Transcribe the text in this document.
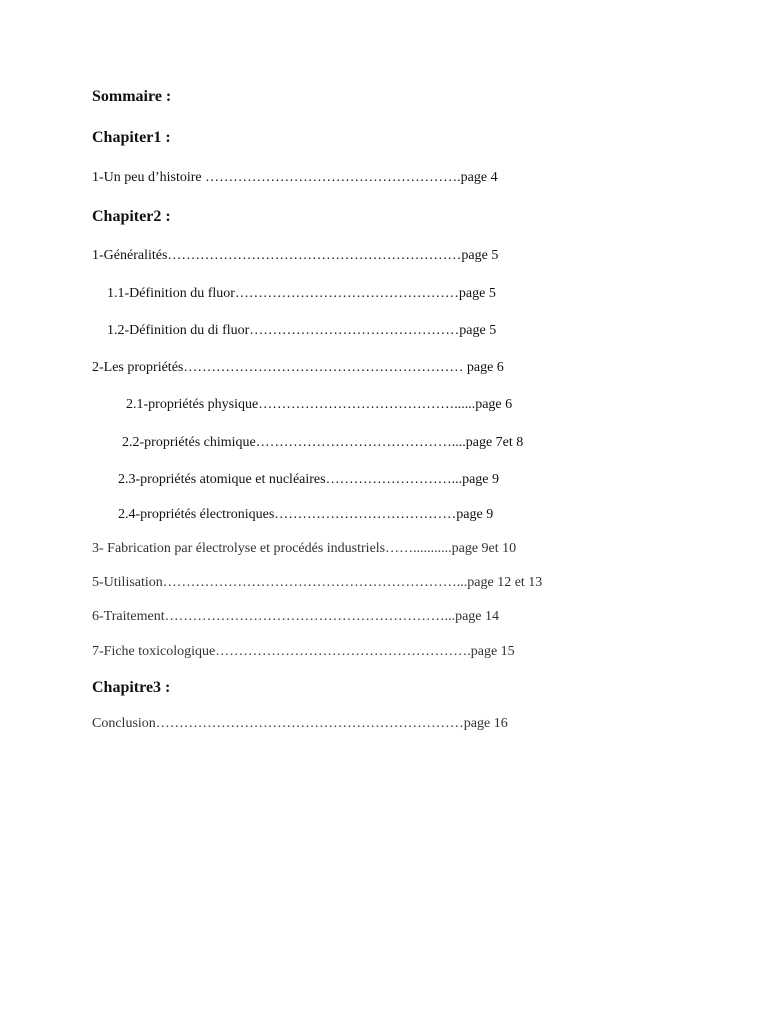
Sommaire :
Chapiter1 :
1-Un peu d’histoire ……………………………………………….page 4
Chapiter2 :
1-Généralités………………………………………………………page 5
1.1-Définition du fluor…………………………………………page 5
1.2-Définition du di fluor………………………………………page 5
2-Les propriétés…………………………………………………… page 6
2.1-propriétés physique……………………………………......page 6
2.2-propriétés chimique……………………………………....page 7et 8
2.3-propriétés atomique et nucléaires………………………...page 9
2.4-propriétés électroniques…………………………………page 9
3- Fabrication par électrolyse et procédés industriels……...........page 9et 10
5-Utilisation………………………………………………………...page 12 et 13
6-Traitement……………………………………………………...page 14
7-Fiche toxicologique……………………………………………….page 15
Chapitre3 :
Conclusion…………………………………………………………page 16
